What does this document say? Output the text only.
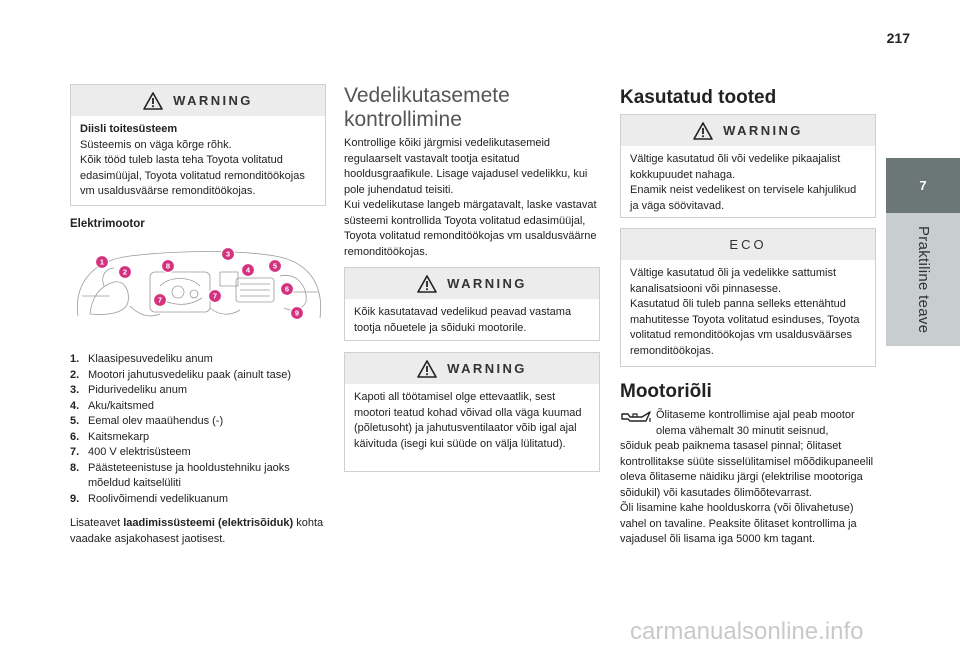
217
7
Praktiline teave
WARNING
Diisli toitesüsteem
Süsteemis on väga kõrge rõhk.
Kõik tööd tuleb lasta teha Toyota volitatud edasimüüjal, Toyota volitatud remonditöökojas vm usaldusväärse remonditöökojas.
Elektrimootor
1
2
3
4	5
6
7	7
8
9
1. Klaasipesuvedeliku anum
2. Mootori jahutusvedeliku paak (ainult tase)
3. Pidurivedeliku anum
4. Aku/kaitsmed
5. Eemal olev maaühendus (-)
6. Kaitsmekarp
7. 400 V elektrisüsteem
8. Päästeteenistuse ja hooldustehniku jaoks mõeldud kaitselüliti
9. Roolivõimendi vedelikuanum

Lisateavet laadimissüsteemi (elektrisõiduk) kohta vaadake asjakohasest jaotisest.

Vedelikutasemete
kontrollimine

Kontrollige kõiki järgmisi vedelikutasemeid regulaarselt vastavalt tootja esitatud hooldusgraafikule. Lisage vajadusel vedelikku, kui pole juhendatud teisiti.
Kui vedelikutase langeb märgatavalt, laske vastavat süsteemi kontrollida Toyota volitatud edasimüüjal, Toyota volitatud remonditöökojas vm usaldusväärne remonditöökojas.

WARNING
Kõik kasutatavad vedelikud peavad vastama tootja nõuetele ja sõiduki mootorile.
WARNING
Kapoti all töötamisel olge ettevaatlik, sest mootori teatud kohad võivad olla väga kuumad (põletusoht) ja jahutusventilaator võib igal ajal käivituda (isegi kui süüde on välja lülitatud).
Kasutatud tooted
WARNING
Vältige kasutatud õli või vedelike pikaajalist kokkupuudet nahaga.
Enamik neist vedelikest on tervisele kahjulikud ja väga söövitavad.
ECO
Vältige kasutatud õli ja vedelikke sattumist kanalisatsiooni või pinnasesse.
Kasutatud õli tuleb panna selleks ettenähtud mahutitesse Toyota volitatud esinduses, Toyota volitatud remonditöökojas vm usaldusväärses remonditöökojas.
Mootoriõli
Õlitaseme kontrollimise ajal peab mootor olema vähemalt 30 minutit seisnud,
sõiduk peab paiknema tasasel pinnal; õlitaset kontrollitakse süüte sisselülitamisel mõõdikupaneelil oleva õlitaseme näidiku järgi (elektrilise mootoriga sõidukil) või kasutades õlimõõtevarrast.
Õli lisamine kahe hoolduskorra (või õlivahetuse) vahel on tavaline. Peaksite õlitaset kontrollima ja vajadusel õli lisama iga 5000 km tagant.
carmanualsonline.info
